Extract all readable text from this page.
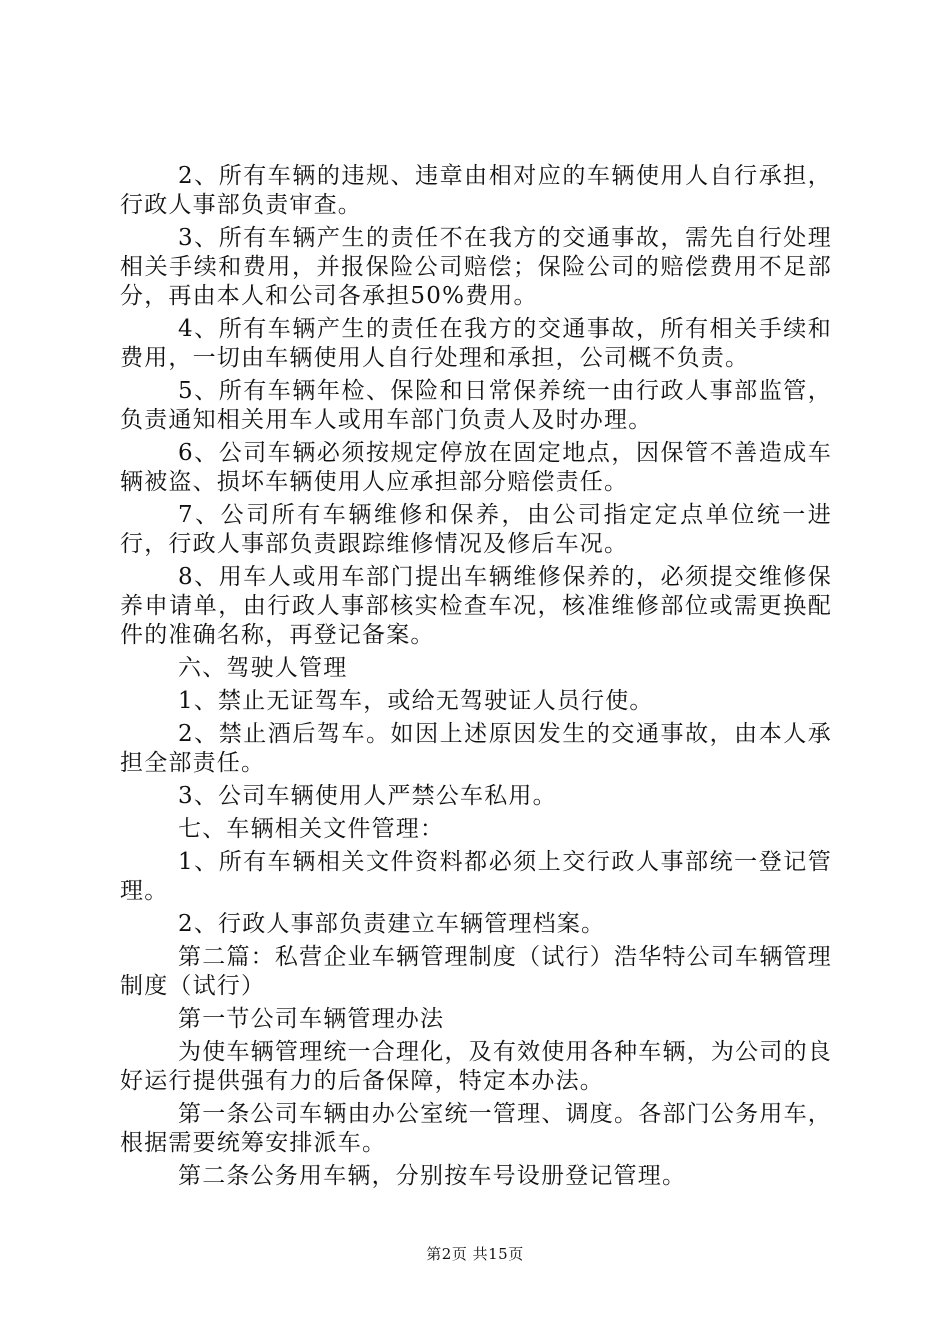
2、所有车辆的违规、违章由相对应的车辆使用人自行承担，行政人事部负责审查。

3、所有车辆产生的责任不在我方的交通事故，需先自行处理相关手续和费用，并报保险公司赔偿；保险公司的赔偿费用不足部分，再由本人和公司各承担50%费用。

4、所有车辆产生的责任在我方的交通事故，所有相关手续和费用，一切由车辆使用人自行处理和承担，公司概不负责。

5、所有车辆年检、保险和日常保养统一由行政人事部监管，负责通知相关用车人或用车部门负责人及时办理。

6、公司车辆必须按规定停放在固定地点，因保管不善造成车辆被盗、损坏车辆使用人应承担部分赔偿责任。

7、公司所有车辆维修和保养，由公司指定定点单位统一进行，行政人事部负责跟踪维修情况及修后车况。

8、用车人或用车部门提出车辆维修保养的，必须提交维修保养申请单，由行政人事部核实检查车况，核准维修部位或需更换配件的准确名称，再登记备案。

六、驾驶人管理

1、禁止无证驾车，或给无驾驶证人员行使。

2、禁止酒后驾车。如因上述原因发生的交通事故，由本人承担全部责任。

3、公司车辆使用人严禁公车私用。

七、车辆相关文件管理：

1、所有车辆相关文件资料都必须上交行政人事部统一登记管理。

2、行政人事部负责建立车辆管理档案。

第二篇：私营企业车辆管理制度（试行）浩华特公司车辆管理制度（试行）

第一节公司车辆管理办法

为使车辆管理统一合理化，及有效使用各种车辆，为公司的良好运行提供强有力的后备保障，特定本办法。

第一条公司车辆由办公室统一管理、调度。各部门公务用车，根据需要统筹安排派车。

第二条公务用车辆，分别按车号设册登记管理。

第2页 共15页
